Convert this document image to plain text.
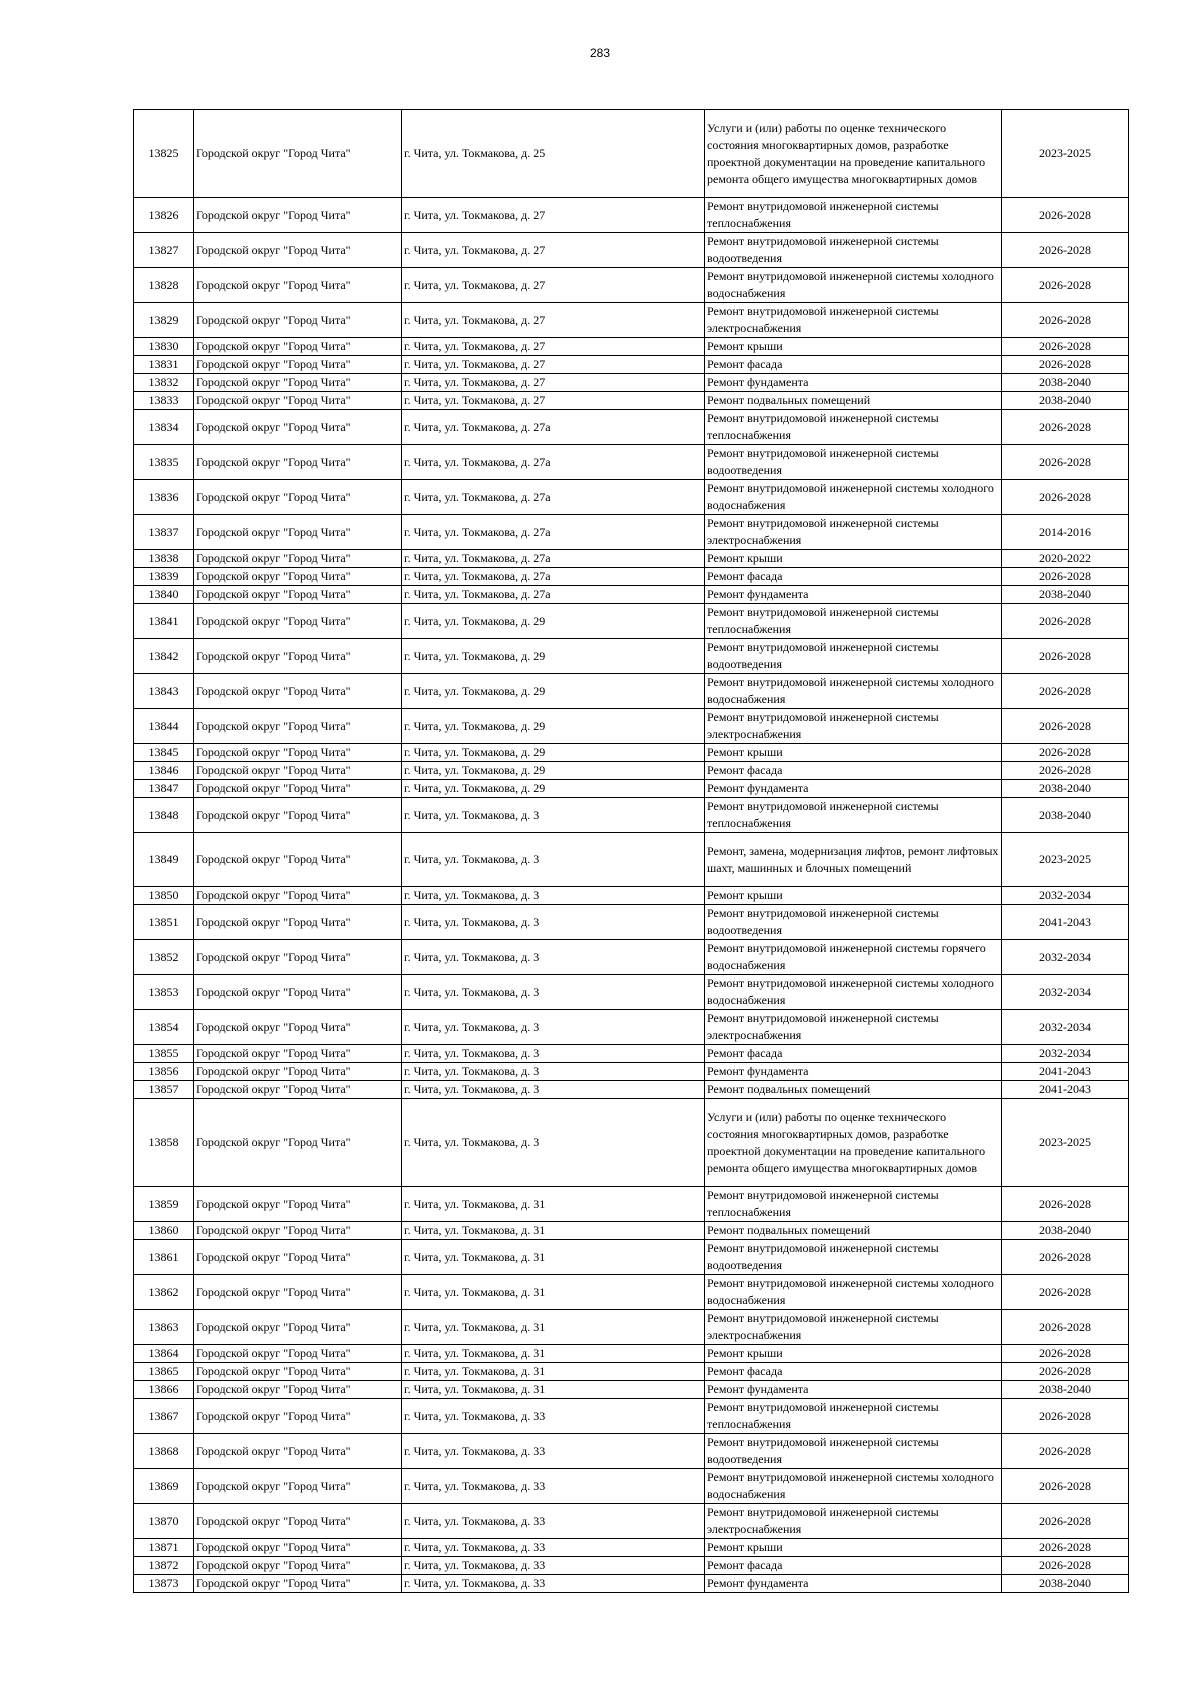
283
13825	Городской округ "Город Чита"	г. Чита, ул. Токмакова, д. 25	Услуги и (или) работы по оценке технического состояния многоквартирных домов, разработке проектной документации на проведение капитального ремонта общего имущества многоквартирных домов	2023-2025
13826	Городской округ "Город Чита"	г. Чита, ул. Токмакова, д. 27	Ремонт внутридомовой инженерной системы теплоснабжения	2026-2028
13827	Городской округ "Город Чита"	г. Чита, ул. Токмакова, д. 27	Ремонт внутридомовой инженерной системы водоотведения	2026-2028
13828	Городской округ "Город Чита"	г. Чита, ул. Токмакова, д. 27	Ремонт внутридомовой инженерной системы холодного водоснабжения	2026-2028
13829	Городской округ "Город Чита"	г. Чита, ул. Токмакова, д. 27	Ремонт внутридомовой инженерной системы электроснабжения	2026-2028
13830	Городской округ "Город Чита"	г. Чита, ул. Токмакова, д. 27	Ремонт крыши	2026-2028
13831	Городской округ "Город Чита"	г. Чита, ул. Токмакова, д. 27	Ремонт фасада	2026-2028
13832	Городской округ "Город Чита"	г. Чита, ул. Токмакова, д. 27	Ремонт фундамента	2038-2040
13833	Городской округ "Город Чита"	г. Чита, ул. Токмакова, д. 27	Ремонт подвальных помещений	2038-2040
13834	Городской округ "Город Чита"	г. Чита, ул. Токмакова, д. 27а	Ремонт внутридомовой инженерной системы теплоснабжения	2026-2028
13835	Городской округ "Город Чита"	г. Чита, ул. Токмакова, д. 27а	Ремонт внутридомовой инженерной системы водоотведения	2026-2028
13836	Городской округ "Город Чита"	г. Чита, ул. Токмакова, д. 27а	Ремонт внутридомовой инженерной системы холодного водоснабжения	2026-2028
13837	Городской округ "Город Чита"	г. Чита, ул. Токмакова, д. 27а	Ремонт внутридомовой инженерной системы электроснабжения	2014-2016
13838	Городской округ "Город Чита"	г. Чита, ул. Токмакова, д. 27а	Ремонт крыши	2020-2022
13839	Городской округ "Город Чита"	г. Чита, ул. Токмакова, д. 27а	Ремонт фасада	2026-2028
13840	Городской округ "Город Чита"	г. Чита, ул. Токмакова, д. 27а	Ремонт фундамента	2038-2040
13841	Городской округ "Город Чита"	г. Чита, ул. Токмакова, д. 29	Ремонт внутридомовой инженерной системы теплоснабжения	2026-2028
13842	Городской округ "Город Чита"	г. Чита, ул. Токмакова, д. 29	Ремонт внутридомовой инженерной системы водоотведения	2026-2028
13843	Городской округ "Город Чита"	г. Чита, ул. Токмакова, д. 29	Ремонт внутридомовой инженерной системы холодного водоснабжения	2026-2028
13844	Городской округ "Город Чита"	г. Чита, ул. Токмакова, д. 29	Ремонт внутридомовой инженерной системы электроснабжения	2026-2028
13845	Городской округ "Город Чита"	г. Чита, ул. Токмакова, д. 29	Ремонт крыши	2026-2028
13846	Городской округ "Город Чита"	г. Чита, ул. Токмакова, д. 29	Ремонт фасада	2026-2028
13847	Городской округ "Город Чита"	г. Чита, ул. Токмакова, д. 29	Ремонт фундамента	2038-2040
13848	Городской округ "Город Чита"	г. Чита, ул. Токмакова, д. 3	Ремонт внутридомовой инженерной системы теплоснабжения	2038-2040
13849	Городской округ "Город Чита"	г. Чита, ул. Токмакова, д. 3	Ремонт, замена, модернизация лифтов, ремонт лифтовых шахт, машинных и блочных помещений	2023-2025
13850	Городской округ "Город Чита"	г. Чита, ул. Токмакова, д. 3	Ремонт крыши	2032-2034
13851	Городской округ "Город Чита"	г. Чита, ул. Токмакова, д. 3	Ремонт внутридомовой инженерной системы водоотведения	2041-2043
13852	Городской округ "Город Чита"	г. Чита, ул. Токмакова, д. 3	Ремонт внутридомовой инженерной системы горячего водоснабжения	2032-2034
13853	Городской округ "Город Чита"	г. Чита, ул. Токмакова, д. 3	Ремонт внутридомовой инженерной системы холодного водоснабжения	2032-2034
13854	Городской округ "Город Чита"	г. Чита, ул. Токмакова, д. 3	Ремонт внутридомовой инженерной системы электроснабжения	2032-2034
13855	Городской округ "Город Чита"	г. Чита, ул. Токмакова, д. 3	Ремонт фасада	2032-2034
13856	Городской округ "Город Чита"	г. Чита, ул. Токмакова, д. 3	Ремонт фундамента	2041-2043
13857	Городской округ "Город Чита"	г. Чита, ул. Токмакова, д. 3	Ремонт подвальных помещений	2041-2043
13858	Городской округ "Город Чита"	г. Чита, ул. Токмакова, д. 3	Услуги и (или) работы по оценке технического состояния многоквартирных домов, разработке проектной документации на проведение капитального ремонта общего имущества многоквартирных домов	2023-2025
13859	Городской округ "Город Чита"	г. Чита, ул. Токмакова, д. 31	Ремонт внутридомовой инженерной системы теплоснабжения	2026-2028
13860	Городской округ "Город Чита"	г. Чита, ул. Токмакова, д. 31	Ремонт подвальных помещений	2038-2040
13861	Городской округ "Город Чита"	г. Чита, ул. Токмакова, д. 31	Ремонт внутридомовой инженерной системы водоотведения	2026-2028
13862	Городской округ "Город Чита"	г. Чита, ул. Токмакова, д. 31	Ремонт внутридомовой инженерной системы холодного водоснабжения	2026-2028
13863	Городской округ "Город Чита"	г. Чита, ул. Токмакова, д. 31	Ремонт внутридомовой инженерной системы электроснабжения	2026-2028
13864	Городской округ "Город Чита"	г. Чита, ул. Токмакова, д. 31	Ремонт крыши	2026-2028
13865	Городской округ "Город Чита"	г. Чита, ул. Токмакова, д. 31	Ремонт фасада	2026-2028
13866	Городской округ "Город Чита"	г. Чита, ул. Токмакова, д. 31	Ремонт фундамента	2038-2040
13867	Городской округ "Город Чита"	г. Чита, ул. Токмакова, д. 33	Ремонт внутридомовой инженерной системы теплоснабжения	2026-2028
13868	Городской округ "Город Чита"	г. Чита, ул. Токмакова, д. 33	Ремонт внутридомовой инженерной системы водоотведения	2026-2028
13869	Городской округ "Город Чита"	г. Чита, ул. Токмакова, д. 33	Ремонт внутридомовой инженерной системы холодного водоснабжения	2026-2028
13870	Городской округ "Город Чита"	г. Чита, ул. Токмакова, д. 33	Ремонт внутридомовой инженерной системы электроснабжения	2026-2028
13871	Городской округ "Город Чита"	г. Чита, ул. Токмакова, д. 33	Ремонт крыши	2026-2028
13872	Городской округ "Город Чита"	г. Чита, ул. Токмакова, д. 33	Ремонт фасада	2026-2028
13873	Городской округ "Город Чита"	г. Чита, ул. Токмакова, д. 33	Ремонт фундамента	2038-2040
